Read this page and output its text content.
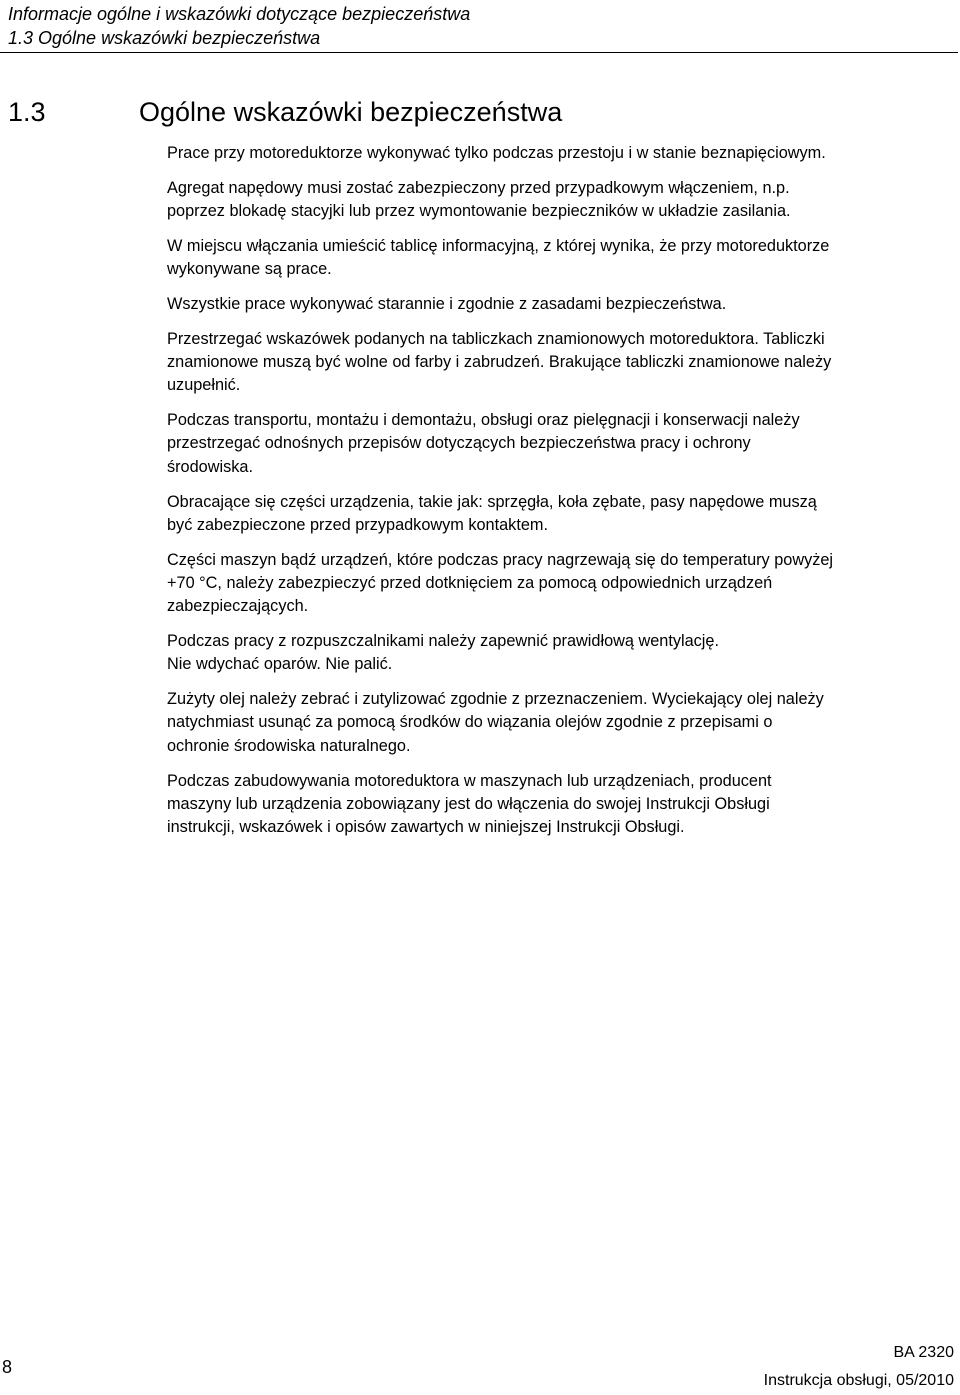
Informacje ogólne i wskazówki dotyczące bezpieczeństwa
1.3 Ogólne wskazówki bezpieczeństwa
1.3	Ogólne wskazówki bezpieczeństwa

Prace przy motoreduktorze wykonywać tylko podczas przestoju i w stanie beznapięciowym.

Agregat napędowy musi zostać zabezpieczony przed przypadkowym włączeniem, n.p.
poprzez blokadę stacyjki lub przez wymontowanie bezpieczników w układzie zasilania.

W miejscu włączania umieścić tablicę informacyjną, z której wynika, że przy motoreduktorze
wykonywane są prace.

Wszystkie prace wykonywać starannie i zgodnie z zasadami bezpieczeństwa.

Przestrzegać wskazówek podanych na tabliczkach znamionowych motoreduktora. Tabliczki
znamionowe muszą być wolne od farby i zabrudzeń. Brakujące tabliczki znamionowe należy
uzupełnić.

Podczas transportu, montażu i demontażu, obsługi oraz pielęgnacji i konserwacji należy
przestrzegać odnośnych przepisów dotyczących bezpieczeństwa pracy i ochrony
środowiska.

Obracające się części urządzenia, takie jak: sprzęgła, koła zębate, pasy napędowe muszą
być zabezpieczone przed przypadkowym kontaktem.

Części maszyn bądź urządzeń, które podczas pracy nagrzewają się do temperatury powyżej
+70 °C, należy zabezpieczyć przed dotknięciem za pomocą odpowiednich urządzeń
zabezpieczających.

Podczas pracy z rozpuszczalnikami należy zapewnić prawidłową wentylację.
Nie wdychać oparów. Nie palić.

Zużyty olej należy zebrać i zutylizować zgodnie z przeznaczeniem. Wyciekający olej należy
natychmiast usunąć za pomocą środków do wiązania olejów zgodnie z przepisami o
ochronie środowiska naturalnego.

Podczas zabudowywania motoreduktora w maszynach lub urządzeniach, producent
maszyny lub urządzenia zobowiązany jest do włączenia do swojej Instrukcji Obsługi
instrukcji, wskazówek i opisów zawartych w niniejszej Instrukcji Obsługi.

8
BA 2320
Instrukcja obsługi, 05/2010
